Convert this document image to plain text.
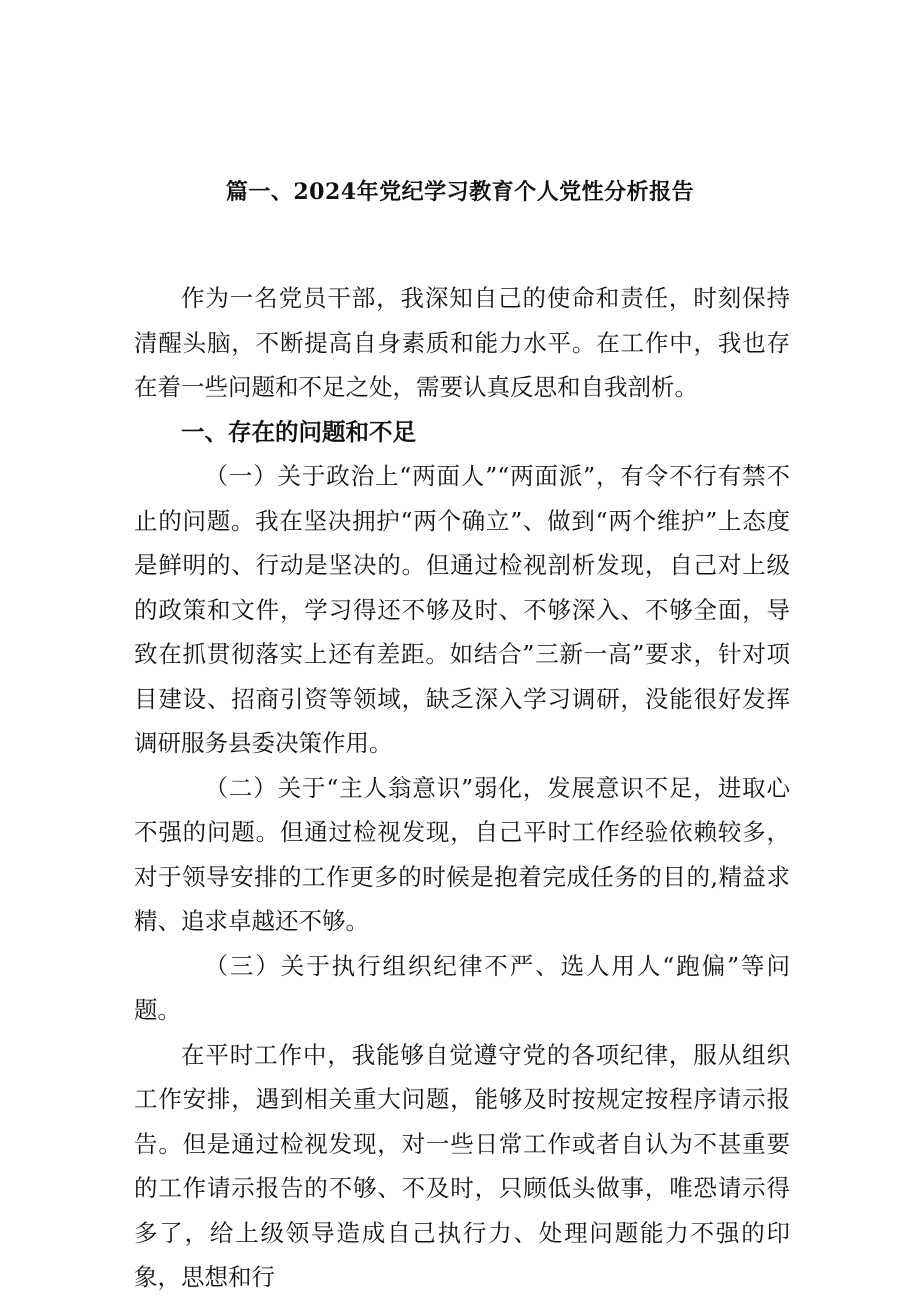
篇一、2024年党纪学习教育个人党性分析报告

作为一名党员干部，我深知自己的使命和责任，时刻保持清醒头脑，不断提高自身素质和能力水平。在工作中，我也存在着一些问题和不足之处，需要认真反思和自我剖析。

一、存在的问题和不足

（一）关于政治上“两面人”“两面派”，有令不行有禁不止的问题。我在坚决拥护“两个确立”、做到“两个维护”上态度是鲜明的、行动是坚决的。但通过检视剖析发现，自己对上级的政策和文件，学习得还不够及时、不够深入、不够全面，导致在抓贯彻落实上还有差距。如结合”三新一高”要求，针对项目建设、招商引资等领域，缺乏深入学习调研，没能很好发挥调研服务县委决策作用。

（二）关于“主人翁意识”弱化，发展意识不足，进取心不强的问题。但通过检视发现，自己平时工作经验依赖较多，对于领导安排的工作更多的时候是抱着完成任务的目的,精益求精、追求卓越还不够。

（三）关于执行组织纪律不严、选人用人“跑偏”等问题。

在平时工作中，我能够自觉遵守党的各项纪律，服从组织工作安排，遇到相关重大问题，能够及时按规定按程序请示报告。但是通过检视发现，对一些日常工作或者自认为不甚重要的工作请示报告的不够、不及时，只顾低头做事，唯恐请示得多了，给上级领导造成自己执行力、处理问题能力不强的印象，思想和行
